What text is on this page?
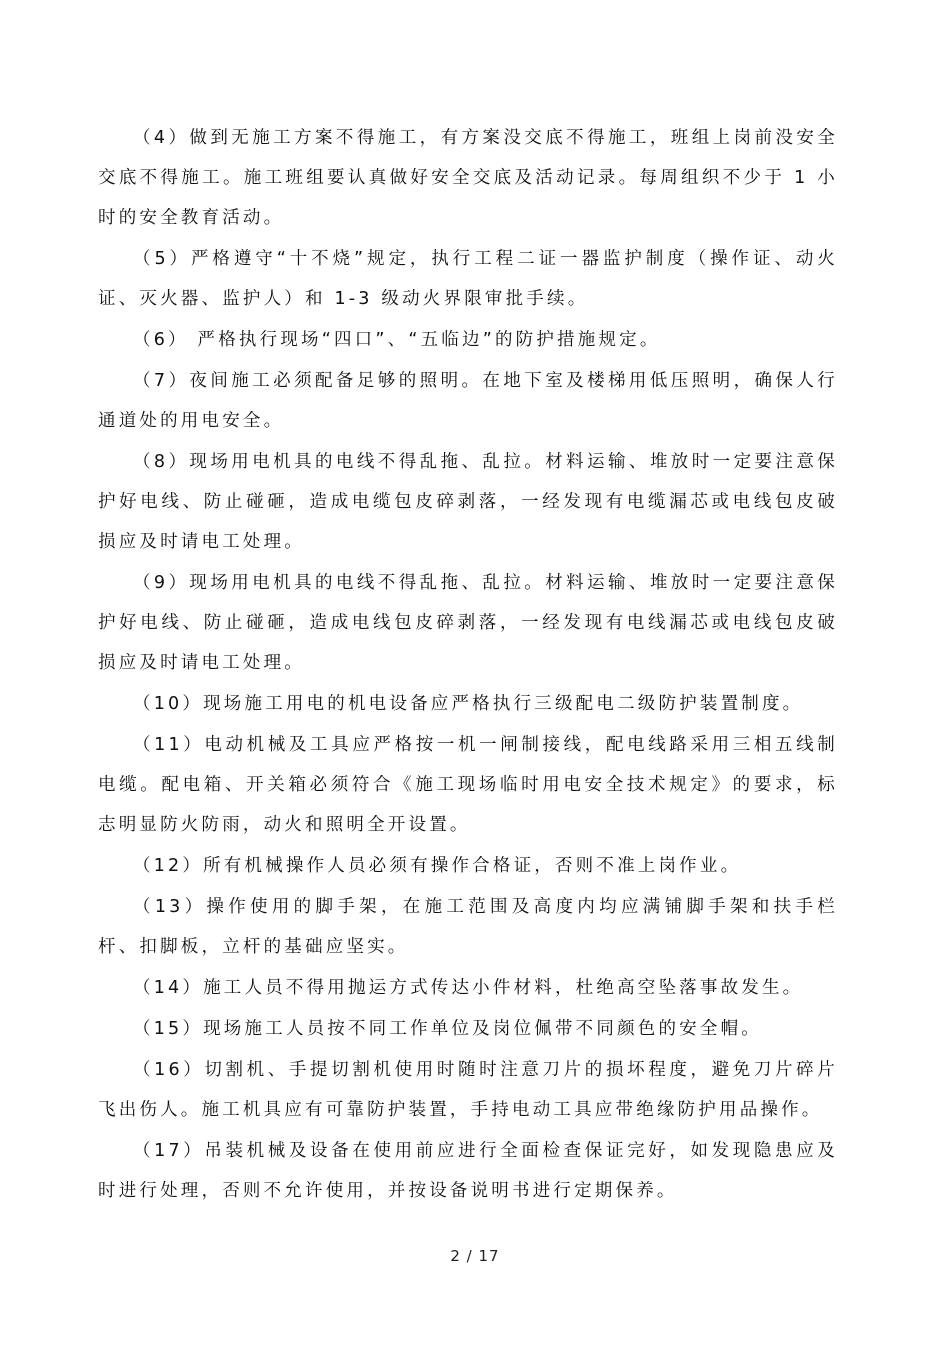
（4）做到无施工方案不得施工，有方案没交底不得施工，班组上岗前没安全交底不得施工。施工班组要认真做好安全交底及活动记录。每周组织不少于 1 小时的安全教育活动。

（5）严格遵守“十不烧”规定，执行工程二证一器监护制度（操作证、动火证、灭火器、监护人）和 1-3 级动火界限审批手续。

（6） 严格执行现场“四口”、“五临边”的防护措施规定。

（7）夜间施工必须配备足够的照明。在地下室及楼梯用低压照明，确保人行通道处的用电安全。

（8）现场用电机具的电线不得乱拖、乱拉。材料运输、堆放时一定要注意保护好电线、防止碰砸，造成电缆包皮碎剥落，一经发现有电缆漏芯或电线包皮破损应及时请电工处理。

（9）现场用电机具的电线不得乱拖、乱拉。材料运输、堆放时一定要注意保护好电线、防止碰砸，造成电线包皮碎剥落，一经发现有电线漏芯或电线包皮破损应及时请电工处理。

（10）现场施工用电的机电设备应严格执行三级配电二级防护装置制度。

（11）电动机械及工具应严格按一机一闸制接线，配电线路采用三相五线制电缆。配电箱、开关箱必须符合《施工现场临时用电安全技术规定》的要求，标志明显防火防雨，动火和照明全开设置。

（12）所有机械操作人员必须有操作合格证，否则不准上岗作业。

（13）操作使用的脚手架，在施工范围及高度内均应满铺脚手架和扶手栏杆、扣脚板，立杆的基础应坚实。

（14）施工人员不得用抛运方式传达小件材料，杜绝高空坠落事故发生。

（15）现场施工人员按不同工作单位及岗位佩带不同颜色的安全帽。

（16）切割机、手提切割机使用时随时注意刀片的损坏程度，避免刀片碎片飞出伤人。施工机具应有可靠防护装置，手持电动工具应带绝缘防护用品操作。

（17）吊装机械及设备在使用前应进行全面检查保证完好，如发现隐患应及时进行处理，否则不允许使用，并按设备说明书进行定期保养。

2 / 17
